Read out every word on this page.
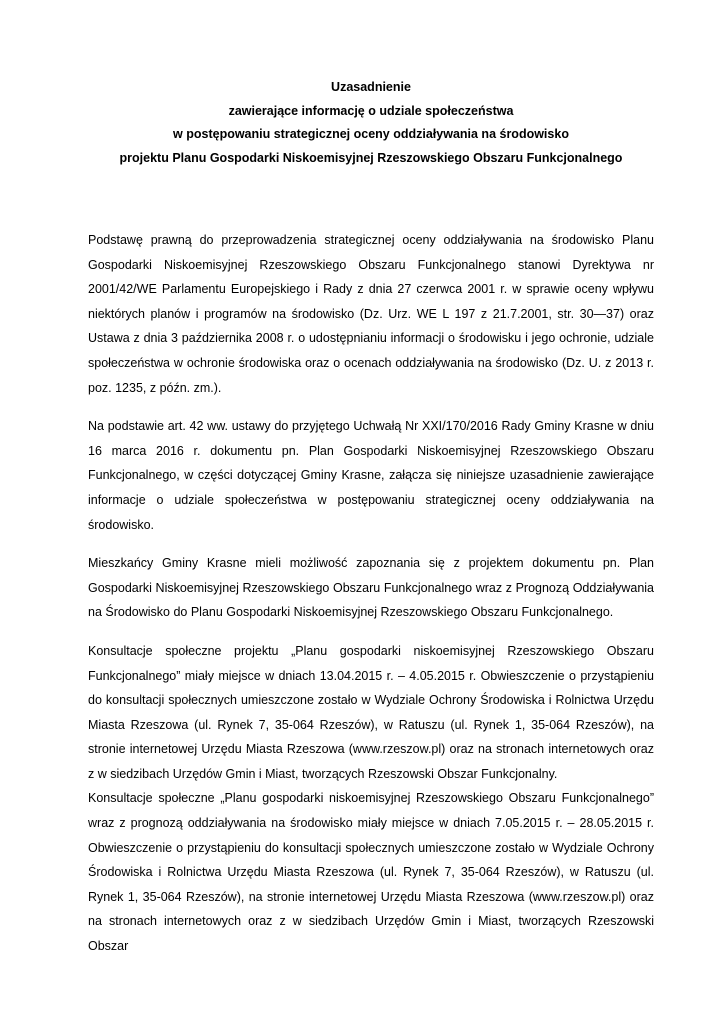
Uzasadnienie
zawierające informację o udziale społeczeństwa
w postępowaniu strategicznej oceny oddziaływania na środowisko
projektu Planu Gospodarki Niskoemisyjnej Rzeszowskiego Obszaru Funkcjonalnego

Podstawę prawną do przeprowadzenia strategicznej oceny oddziaływania na środowisko Planu Gospodarki Niskoemisyjnej Rzeszowskiego Obszaru Funkcjonalnego stanowi Dyrektywa nr 2001/42/WE Parlamentu Europejskiego i Rady z dnia 27 czerwca 2001 r. w sprawie oceny wpływu niektórych planów i programów na środowisko (Dz. Urz. WE L 197 z 21.7.2001, str. 30—37) oraz Ustawa z dnia 3 października 2008 r. o udostępnianiu informacji o środowisku i jego ochronie, udziale społeczeństwa w ochronie środowiska oraz o ocenach oddziaływania na środowisko (Dz. U. z 2013 r. poz. 1235, z późn. zm.).

Na podstawie art. 42 ww. ustawy do przyjętego Uchwałą Nr XXI/170/2016 Rady Gminy Krasne w dniu 16 marca 2016 r. dokumentu pn. Plan Gospodarki Niskoemisyjnej Rzeszowskiego Obszaru Funkcjonalnego, w części dotyczącej Gminy Krasne, załącza się niniejsze uzasadnienie zawierające informacje o udziale społeczeństwa w postępowaniu strategicznej oceny oddziaływania na środowisko.

Mieszkańcy Gminy Krasne mieli możliwość zapoznania się z projektem dokumentu pn. Plan Gospodarki Niskoemisyjnej Rzeszowskiego Obszaru Funkcjonalnego wraz z Prognozą Oddziaływania na Środowisko do Planu Gospodarki Niskoemisyjnej Rzeszowskiego Obszaru Funkcjonalnego.

Konsultacje społeczne projektu „Planu gospodarki niskoemisyjnej Rzeszowskiego Obszaru Funkcjonalnego” miały miejsce w dniach 13.04.2015 r. – 4.05.2015 r. Obwieszczenie o przystąpieniu do konsultacji społecznych umieszczone zostało w Wydziale Ochrony Środowiska i Rolnictwa Urzędu Miasta Rzeszowa (ul. Rynek 7, 35-064 Rzeszów), w Ratuszu (ul. Rynek 1, 35-064 Rzeszów), na stronie internetowej Urzędu Miasta Rzeszowa (www.rzeszow.pl) oraz na stronach internetowych oraz z w siedzibach Urzędów Gmin i Miast, tworzących Rzeszowski Obszar Funkcjonalny.

Konsultacje społeczne „Planu gospodarki niskoemisyjnej Rzeszowskiego Obszaru Funkcjonalnego” wraz z prognozą oddziaływania na środowisko miały miejsce w dniach 7.05.2015 r. – 28.05.2015 r. Obwieszczenie o przystąpieniu do konsultacji społecznych umieszczone zostało w Wydziale Ochrony Środowiska i Rolnictwa Urzędu Miasta Rzeszowa (ul. Rynek 7, 35-064 Rzeszów), w Ratuszu (ul. Rynek 1, 35-064 Rzeszów), na stronie internetowej Urzędu Miasta Rzeszowa (www.rzeszow.pl) oraz na stronach internetowych oraz z w siedzibach Urzędów Gmin i Miast, tworzących Rzeszowski Obszar
